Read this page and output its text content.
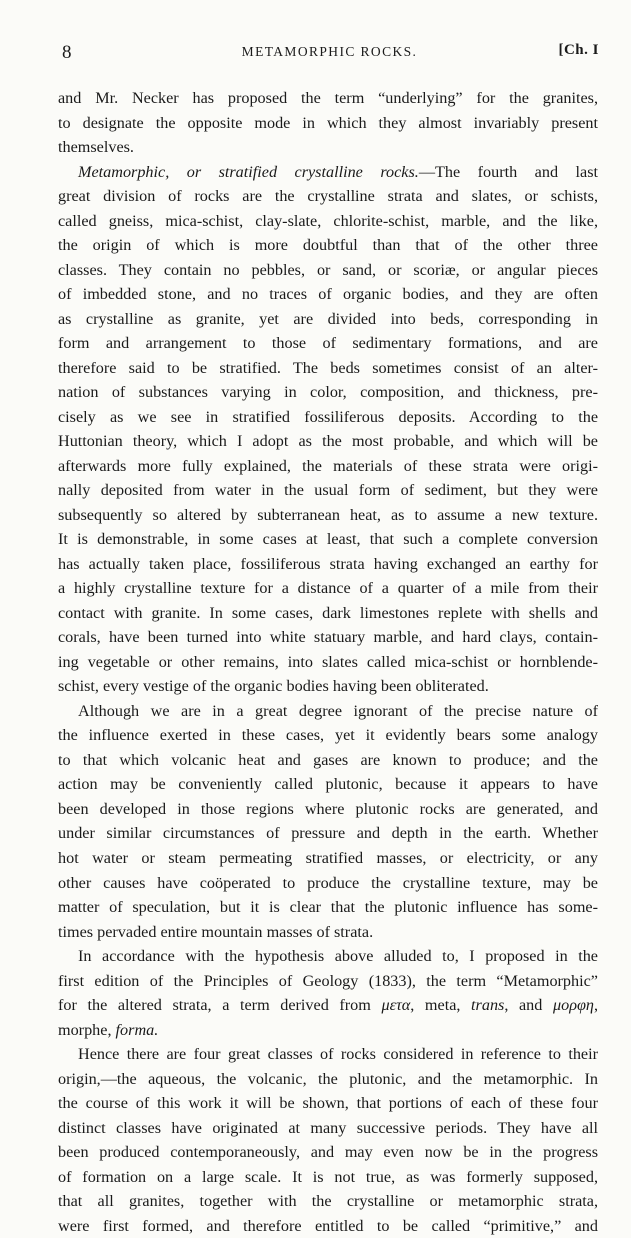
8	METAMORPHIC ROCKS.	[Ch. I
and Mr. Necker has proposed the term “underlying” for the granites,
to designate the opposite mode in which they almost invariably present
themselves.
Metamorphic, or stratified crystalline rocks.—The fourth and last
great division of rocks are the crystalline strata and slates, or schists,
called gneiss, mica-schist, clay-slate, chlorite-schist, marble, and the like,
the origin of which is more doubtful than that of the other three
classes. They contain no pebbles, or sand, or scoriæ, or angular pieces
of imbedded stone, and no traces of organic bodies, and they are often
as crystalline as granite, yet are divided into beds, corresponding in
form and arrangement to those of sedimentary formations, and are
therefore said to be stratified. The beds sometimes consist of an alter-
nation of substances varying in color, composition, and thickness, pre-
cisely as we see in stratified fossiliferous deposits. According to the
Huttonian theory, which I adopt as the most probable, and which will be
afterwards more fully explained, the materials of these strata were origi-
nally deposited from water in the usual form of sediment, but they were
subsequently so altered by subterranean heat, as to assume a new texture.
It is demonstrable, in some cases at least, that such a complete conversion
has actually taken place, fossiliferous strata having exchanged an earthy for
a highly crystalline texture for a distance of a quarter of a mile from their
contact with granite. In some cases, dark limestones replete with shells and
corals, have been turned into white statuary marble, and hard clays, contain-
ing vegetable or other remains, into slates called mica-schist or hornblende-
schist, every vestige of the organic bodies having been obliterated.
Although we are in a great degree ignorant of the precise nature of
the influence exerted in these cases, yet it evidently bears some analogy
to that which volcanic heat and gases are known to produce; and the
action may be conveniently called plutonic, because it appears to have
been developed in those regions where plutonic rocks are generated, and
under similar circumstances of pressure and depth in the earth. Whether
hot water or steam permeating stratified masses, or electricity, or any
other causes have coöperated to produce the crystalline texture, may be
matter of speculation, but it is clear that the plutonic influence has some-
times pervaded entire mountain masses of strata.
In accordance with the hypothesis above alluded to, I proposed in the
first edition of the Principles of Geology (1833), the term “Metamorphic”
for the altered strata, a term derived from μετα, meta, trans, and μορφη,
morphe, forma.
Hence there are four great classes of rocks considered in reference to their
origin,—the aqueous, the volcanic, the plutonic, and the metamorphic. In
the course of this work it will be shown, that portions of each of these four
distinct classes have originated at many successive periods. They have all
been produced contemporaneously, and may even now be in the progress
of formation on a large scale. It is not true, as was formerly supposed,
that all granites, together with the crystalline or metamorphic strata,
were first formed, and therefore entitled to be called “primitive,” and
